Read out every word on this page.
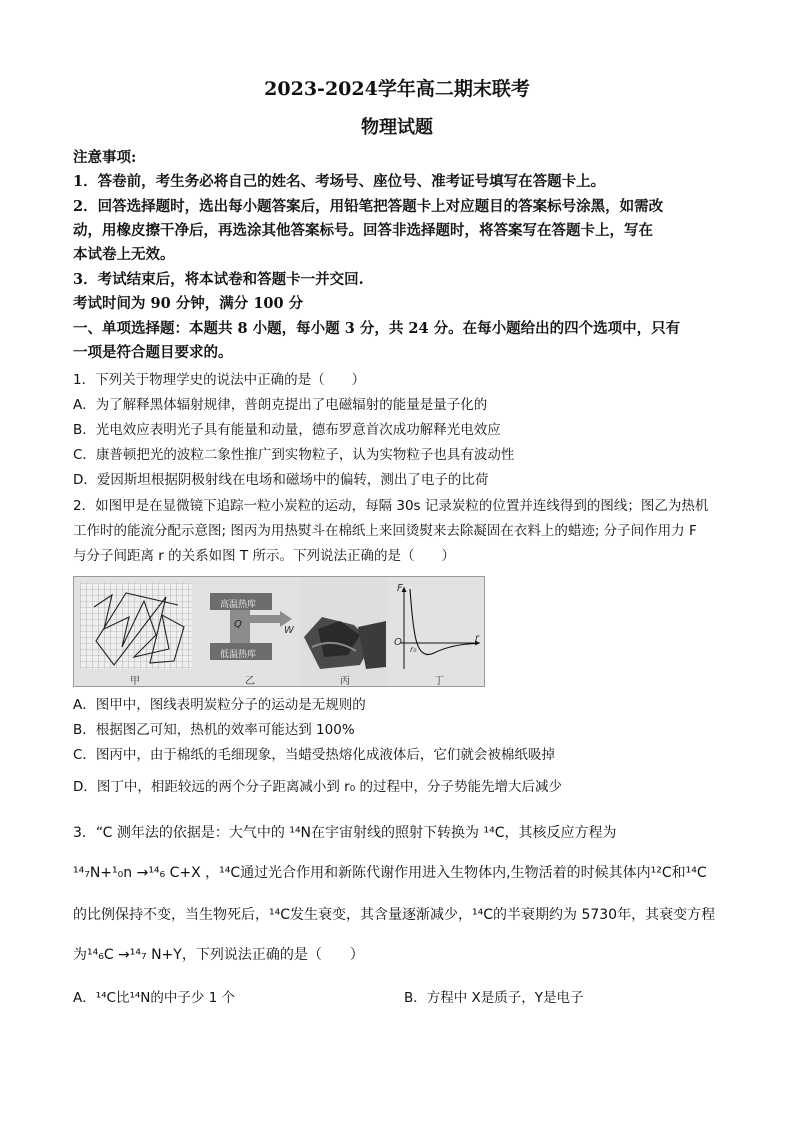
2023-2024学年高二期末联考
物理试题
注意事项:
1．答卷前，考生务必将自己的姓名、考场号、座位号、准考证号填写在答题卡上。
2．回答选择题时，选出每小题答案后，用铅笔把答题卡上对应题目的答案标号涂黑，如需改
动，用橡皮擦干净后，再选涂其他答案标号。回答非选择题时，将答案写在答题卡上，写在
本试卷上无效。
3．考试结束后，将本试卷和答题卡一并交回.
考试时间为 90 分钟，满分 100 分
一、单项选择题：本题共 8 小题，每小题 3 分，共 24 分。在每小题给出的四个选项中，只有
一项是符合题目要求的。
1．下列关于物理学史的说法中正确的是（　　）
A．为了解释黑体辐射规律，普朗克提出了电磁辐射的能量是量子化的
B．光电效应表明光子具有能量和动量，德布罗意首次成功解释光电效应
C．康普顿把光的波粒二象性推广到实物粒子，认为实物粒子也具有波动性
D．爱因斯坦根据阴极射线在电场和磁场中的偏转，测出了电子的比荷
2．如图甲是在显微镜下追踪一粒小炭粒的运动，每隔 30s 记录炭粒的位置并连线得到的图线；图乙为热机
工作时的能流分配示意图; 图丙为用热熨斗在棉纸上来回烫熨来去除凝固在衣料上的蜡迹; 分子间作用力 F
与分子间距离 r 的关系如图 T 所示。下列说法正确的是（　　）
甲
高温热库
低温热库
Q
W
乙	丙
F
r
O
r₀
丁
A．图甲中，图线表明炭粒分子的运动是无规则的
B．根据图乙可知，热机的效率可能达到 100%
C．图丙中，由于棉纸的毛细现象，当蜡受热熔化成液体后，它们就会被棉纸吸掉
D．图丁中，相距较远的两个分子距离减小到 r₀ 的过程中，分子势能先增大后减少
3．“C 测年法的依据是：大气中的 ¹⁴N在宇宙射线的照射下转换为 ¹⁴C，其核反应方程为
¹⁴₇N+¹₀n →¹⁴₆ C+X ，¹⁴C通过光合作用和新陈代谢作用进入生物体内,生物活着的时候其体内¹²C和¹⁴C
的比例保持不变，当生物死后，¹⁴C发生衰变，其含量逐渐减少，¹⁴C的半衰期约为 5730年，其衰变方程
为¹⁴₆C →¹⁴₇ N+Y，下列说法正确的是（　　）
A．¹⁴C比¹⁴N的中子少 1 个	B．方程中 X是质子，Y是电子
